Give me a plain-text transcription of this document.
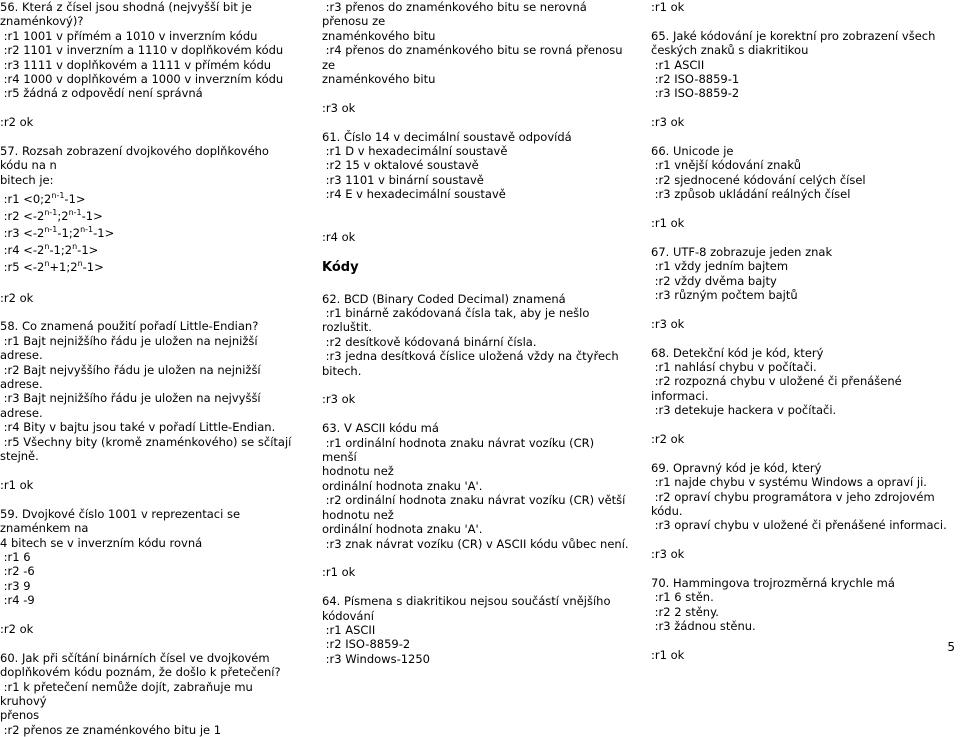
56. Která z čísel jsou shodná (nejvyšší bit je
znaménkový)?
:r1 1001 v přímém a 1010 v inverzním kódu
:r2 1101 v inverzním a 1110 v doplňkovém kódu
:r3 1111 v doplňkovém a 1111 v přímém kódu
:r4 1000 v doplňkovém a 1000 v inverzním kódu
:r5 žádná z odpovědí není správná
:r2 ok
57. Rozsah zobrazení dvojkového doplňkového kódu na n
bitech je:
:r1 $<0;2^{n-1}-1>$
:r2 $<-2^{n-1};2^{n-1}-1>$
:r3 $<-2^{n-1}-1;2^{n-1}-1>$
:r4 $<-2^n-1;2^n-1>$
:r5 $<-2^n+1;2^n-1>$
:r2 ok
58. Co znamená použití pořadí Little-Endian?
:r1 Bajt nejnižšího řádu je uložen na nejnižší adrese.
:r2 Bajt nejvyššího řádu je uložen na nejnižší adrese.
:r3 Bajt nejnižšího řádu je uložen na nejvyšší adrese.
:r4 Bity v bajtu jsou také v pořadí Little-Endian.
:r5 Všechny bity (kromě znaménkového) se sčítají stejně.
:r1 ok
59. Dvojkové číslo 1001 v reprezentaci se znaménkem na
4 bitech se v inverzním kódu rovná
:r1 6
:r2 -6
:r3 9
:r4 -9
:r2 ok
60. Jak při sčítání binárních čísel ve dvojkovém
doplňkovém kódu poznám, že došlo k přetečení?
:r1 k přetečení nemůže dojít, zabraňuje mu kruhový
přenos
:r2 přenos ze znaménkového bitu je 1
:r3 přenos do znaménkového bitu se nerovná přenosu ze
znaménkového bitu
:r4 přenos do znaménkového bitu se rovná přenosu ze
znaménkového bitu
:r3 ok
61. Číslo 14 v decimální soustavě odpovídá
:r1 D v hexadecimální soustavě
:r2 15 v oktalové soustavě
:r3 1101 v binární soustavě
:r4 E v hexadecimální soustavě
:r4 ok
Kódy
62. BCD (Binary Coded Decimal) znamená
:r1 binárně zakódovaná čísla tak, aby je nešlo rozluštit.
:r2 desítkově kódovaná binární čísla.
:r3 jedna desítková číslice uložená vždy na čtyřech
bitech.
:r3 ok
63. V ASCII kódu má
:r1 ordinální hodnota znaku návrat vozíku (CR) menší
hodnotu než
ordinální hodnota znaku 'A'.
:r2 ordinální hodnota znaku návrat vozíku (CR) větší
hodnotu než
ordinální hodnota znaku 'A'.
:r3 znak návrat vozíku (CR) v ASCII kódu vůbec není.
:r1 ok
64. Písmena s diakritikou nejsou součástí vnějšího
kódování
:r1 ASCII
:r2 ISO-8859-2
:r3 Windows-1250
:r1 ok
65. Jaké kódování je korektní pro zobrazení všech
českých znaků s diakritikou
:r1 ASCII
:r2 ISO-8859-1
:r3 ISO-8859-2
:r3 ok
66. Unicode je
:r1 vnější kódování znaků
:r2 sjednocené kódování celých čísel
:r3 způsob ukládání reálných čísel
:r1 ok
67. UTF-8 zobrazuje jeden znak
:r1 vždy jedním bajtem
:r2 vždy dvěma bajty
:r3 různým počtem bajtů
:r3 ok
68. Detekční kód je kód, který
:r1 nahlásí chybu v počítači.
:r2 rozpozná chybu v uložené či přenášené informaci.
:r3 detekuje hackera v počítači.
:r2 ok
69. Opravný kód je kód, který
:r1 najde chybu v systému Windows a opraví ji.
:r2 opraví chybu programátora v jeho zdrojovém kódu.
:r3 opraví chybu v uložené či přenášené informaci.
:r3 ok
70. Hammingova trojrozměrná krychle má
:r1 6 stěn.
:r2 2 stěny.
:r3 žádnou stěnu.
:r1 ok
5
